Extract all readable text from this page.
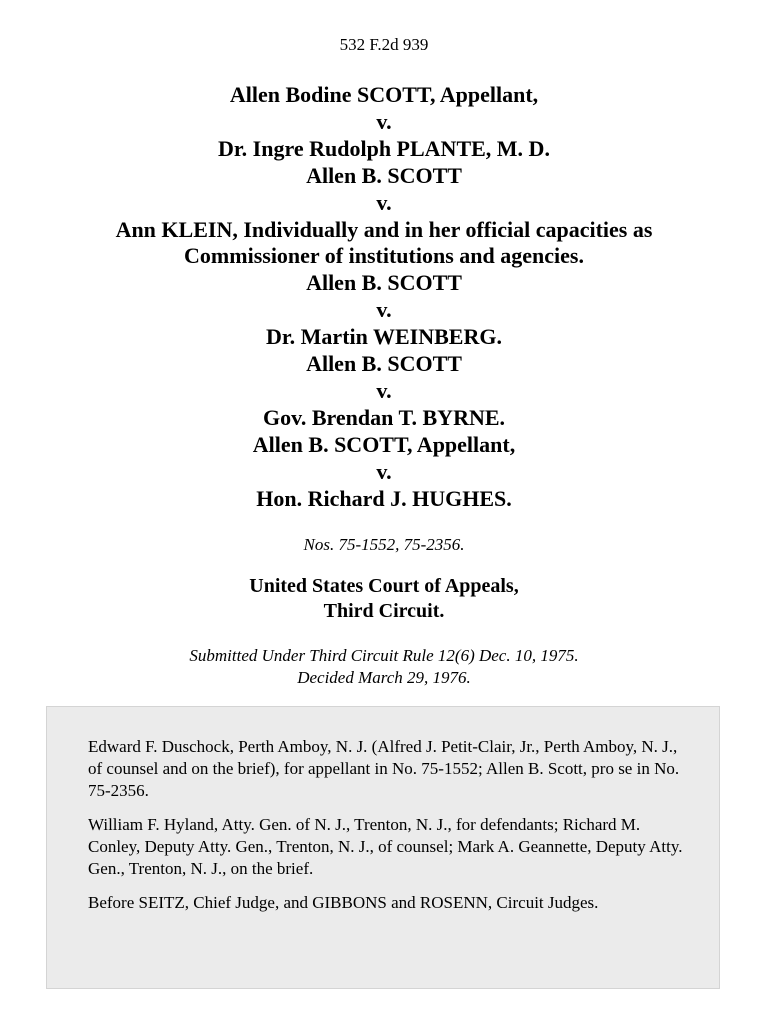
532 F.2d 939
Allen Bodine SCOTT, Appellant,
v.
Dr. Ingre Rudolph PLANTE, M. D.
Allen B. SCOTT
v.
Ann KLEIN, Individually and in her official capacities as
Commissioner of institutions and agencies.
Allen B. SCOTT
v.
Dr. Martin WEINBERG.
Allen B. SCOTT
v.
Gov. Brendan T. BYRNE.
Allen B. SCOTT, Appellant,
v.
Hon. Richard J. HUGHES.
Nos. 75-1552, 75-2356.
United States Court of Appeals,
Third Circuit.
Submitted Under Third Circuit Rule 12(6) Dec. 10, 1975.
Decided March 29, 1976.

Edward F. Duschock, Perth Amboy, N. J. (Alfred J. Petit-Clair, Jr., Perth Amboy, N. J., of counsel and on the brief), for appellant in No. 75-1552; Allen B. Scott, pro se in No. 75-2356.

William F. Hyland, Atty. Gen. of N. J., Trenton, N. J., for defendants; Richard M. Conley, Deputy Atty. Gen., Trenton, N. J., of counsel; Mark A. Geannette, Deputy Atty. Gen., Trenton, N. J., on the brief.

Before SEITZ, Chief Judge, and GIBBONS and ROSENN, Circuit Judges.
